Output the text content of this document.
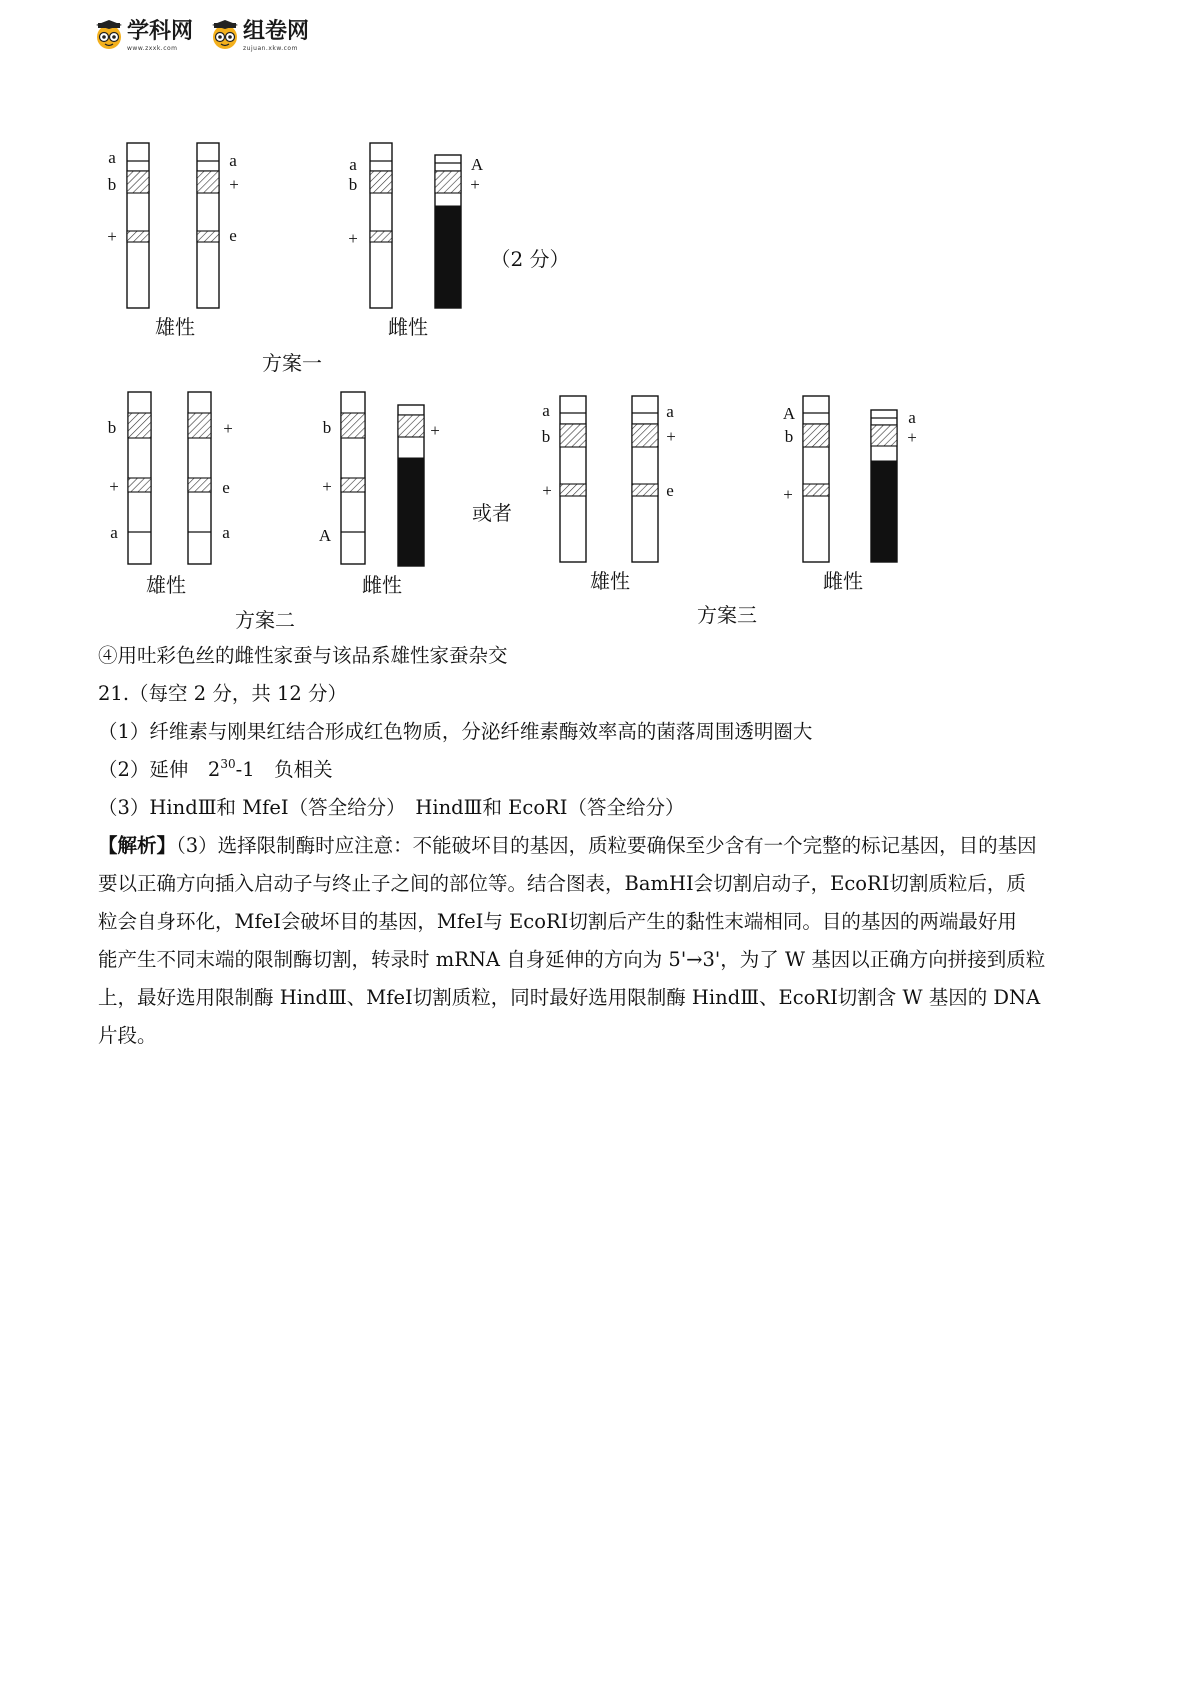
学科网
www.zxxk.com
组卷网
zujuan.xkw.com
a
b
+
a
+
e
雄性
a
b
+
A
+
（2 分）
雌性
方案一
b
+
a
+
e
a
雄性
b
+
A
+
雌性
方案二
或者
a
b
+
a
+
e
雄性
A
b
+
a
+
雌性
方案三
④用吐彩色丝的雌性家蚕与该品系雄性家蚕杂交
21.（每空 2 分，共 12 分）
（1）纤维素与刚果红结合形成红色物质，分泌纤维素酶效率高的菌落周围透明圈大
（2）延伸　$2^{30}-1$　负相关
（3）HindⅢ和 MfeⅠ（答全给分）　HindⅢ和 EcoRⅠ（答全给分）
【解析】（3）选择限制酶时应注意：不能破坏目的基因，质粒要确保至少含有一个完整的标记基因，目的基因
要以正确方向插入启动子与终止子之间的部位等。结合图表，BamHⅠ会切割启动子，EcoRⅠ切割质粒后，质
粒会自身环化，MfeⅠ会破坏目的基因，MfeⅠ与 EcoRⅠ切割后产生的黏性末端相同。目的基因的两端最好用
能产生不同末端的限制酶切割，转录时 mRNA 自身延伸的方向为 5'→3'，为了 W 基因以正确方向拼接到质粒
上，最好选用限制酶 HindⅢ、MfeⅠ切割质粒，同时最好选用限制酶 HindⅢ、EcoRⅠ切割含 W 基因的 DNA
片段。
